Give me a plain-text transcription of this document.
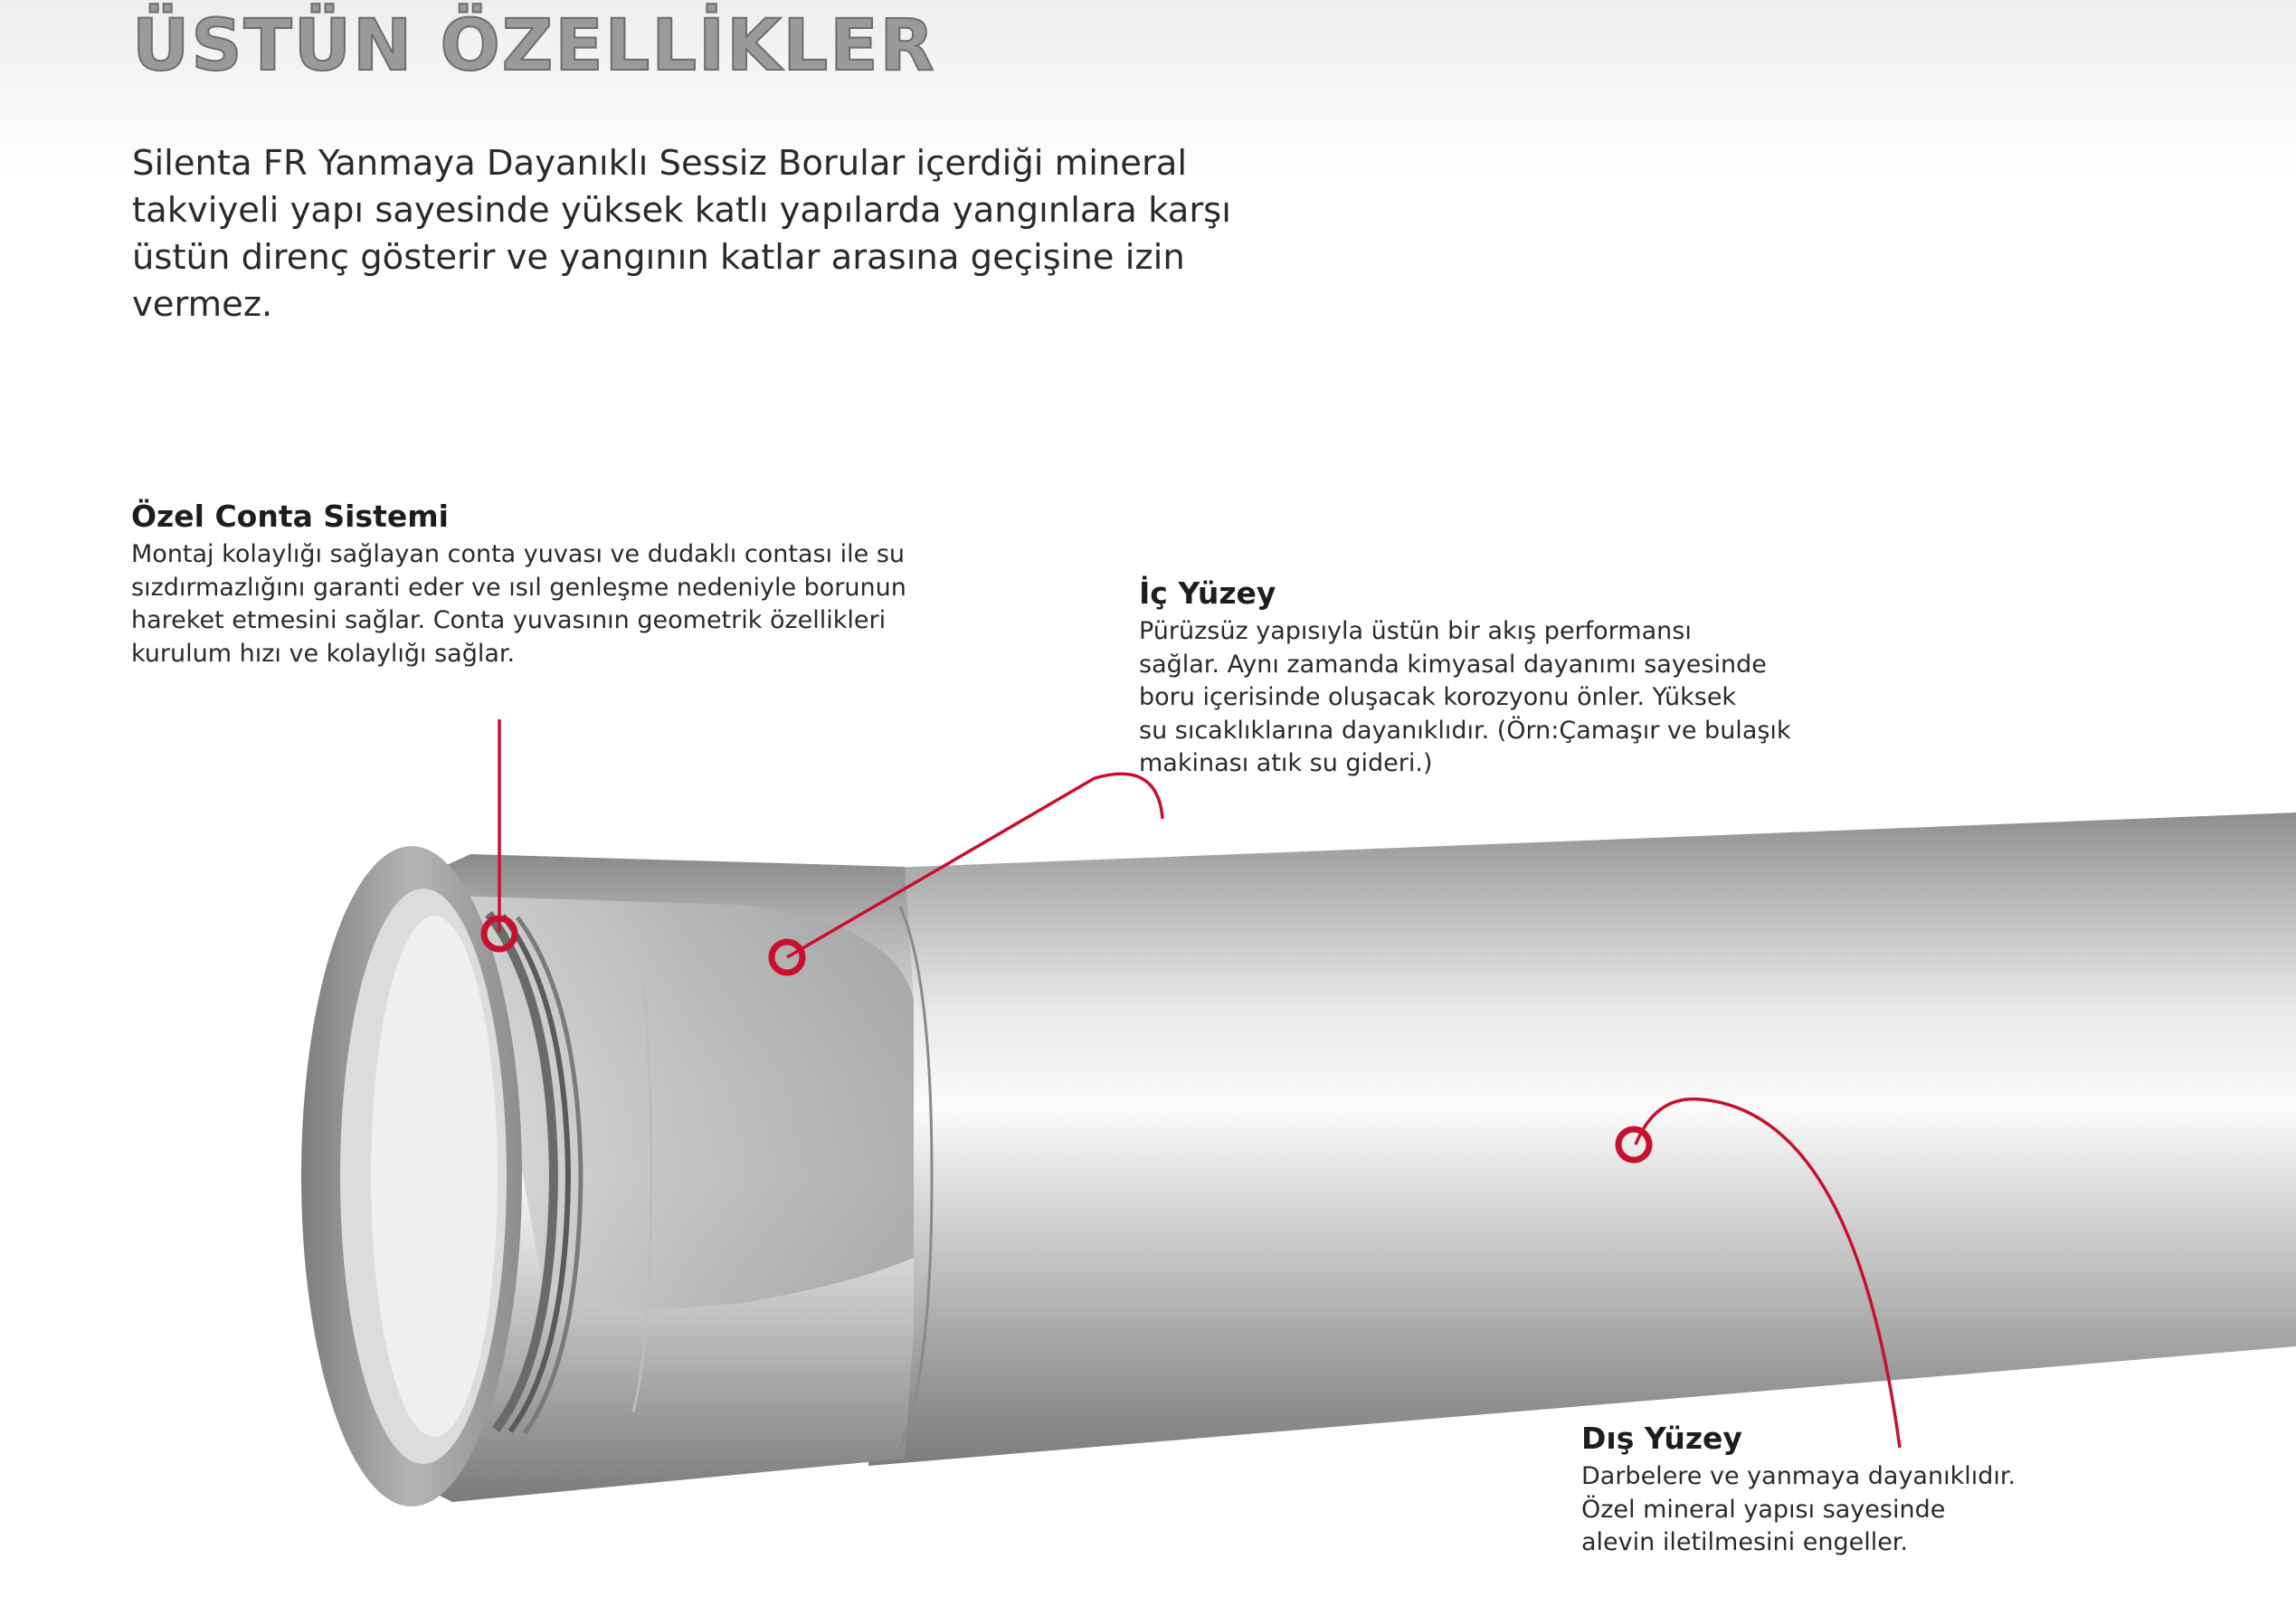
ÜSTÜN ÖZELLİKLER

Silenta FR Yanmaya Dayanıklı Sessiz Borular içerdiği mineral
takviyeli yapı sayesinde yüksek katlı yapılarda yangınlara karşı
üstün direnç gösterir ve yangının katlar arasına geçişine izin
vermez.

Özel Conta Sistemi

Montaj kolaylığı sağlayan conta yuvası ve dudaklı contası ile su
sızdırmazlığını garanti eder ve ısıl genleşme nedeniyle borunun
hareket etmesini sağlar. Conta yuvasının geometrik özellikleri
kurulum hızı ve kolaylığı sağlar.

İç Yüzey

Pürüzsüz yapısıyla üstün bir akış performansı
sağlar. Aynı zamanda kimyasal dayanımı sayesinde
boru içerisinde oluşacak korozyonu önler. Yüksek
su sıcaklıklarına dayanıklıdır. (Örn:Çamaşır ve bulaşık
makinası atık su gideri.)

Dış Yüzey

Darbelere ve yanmaya dayanıklıdır.
Özel mineral yapısı sayesinde
alevin iletilmesini engeller.
